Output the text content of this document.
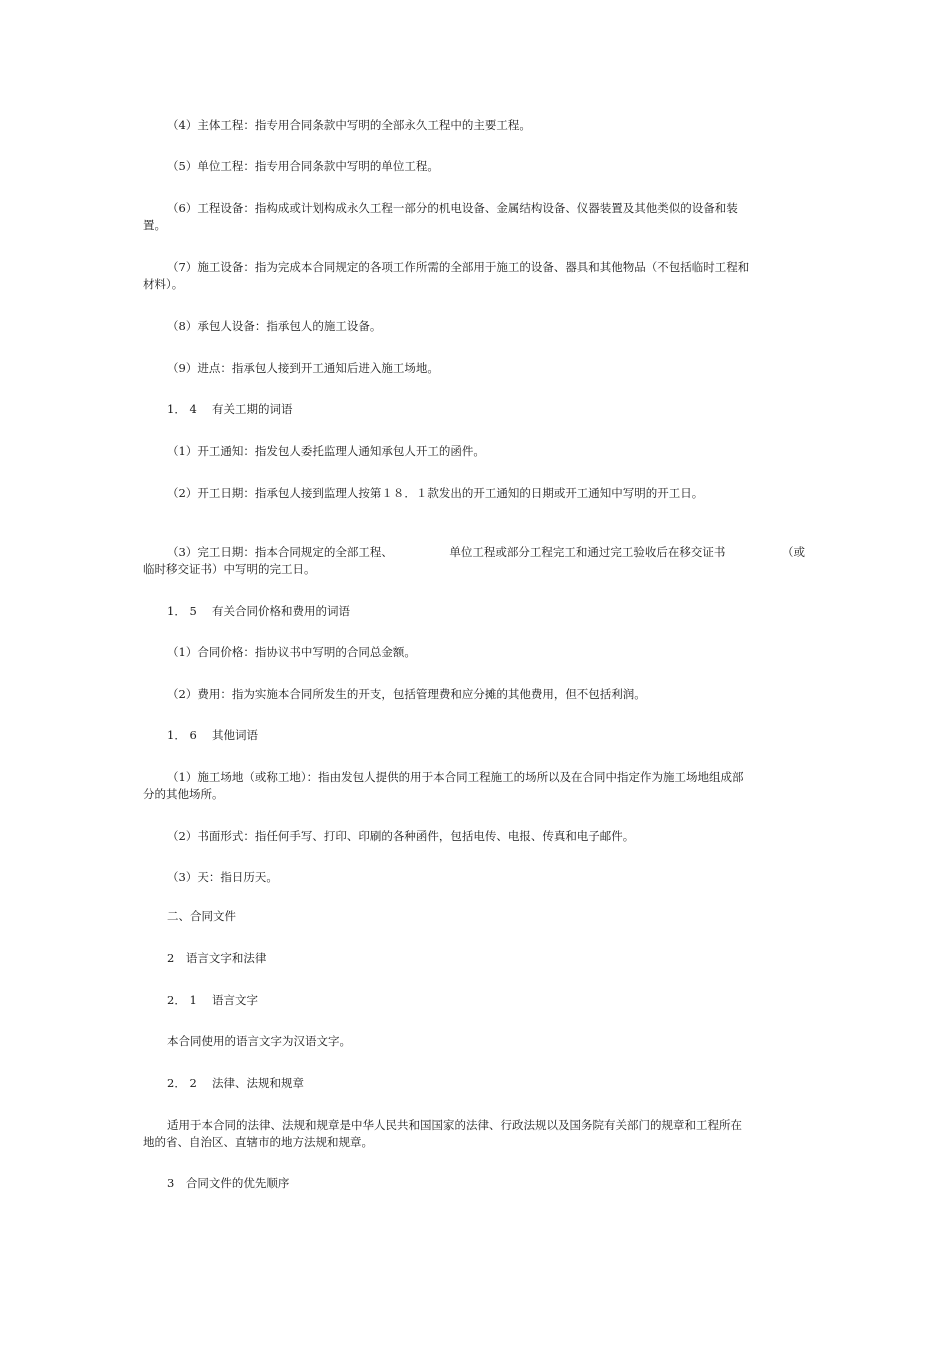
（4）主体工程：指专用合同条款中写明的全部永久工程中的主要工程。

（5）单位工程：指专用合同条款中写明的单位工程。

（6）工程设备：指构成或计划构成永久工程一部分的机电设备、金属结构设备、仪器装置及其他类似的设备和装置。

（7）施工设备：指为完成本合同规定的各项工作所需的全部用于施工的设备、器具和其他物品（不包括临时工程和材料）。

（8）承包人设备：指承包人的施工设备。

（9）进点：指承包人接到开工通知后进入施工场地。

1． 4　 有关工期的词语

（1）开工通知：指发包人委托监理人通知承包人开工的函件。

（2）开工日期：指承包人接到监理人按第１８．１款发出的开工通知的日期或开工通知中写明的开工日。

（3）完工日期：指本合同规定的全部工程、	单位工程或部分工程完工和通过完工验收后在移交证书	（或

临时移交证书）中写明的完工日。

1． 5　 有关合同价格和费用的词语

（1）合同价格：指协议书中写明的合同总金额。

（2）费用：指为实施本合同所发生的开支，包括管理费和应分摊的其他费用，但不包括利润。

1． 6　 其他词语

（1）施工场地（或称工地）：指由发包人提供的用于本合同工程施工的场所以及在合同中指定作为施工场地组成部分的其他场所。

（2）书面形式：指任何手写、打印、印刷的各种函件，包括电传、电报、传真和电子邮件。

（3）天：指日历天。

二、合同文件

2　语言文字和法律

2． 1　 语言文字

本合同使用的语言文字为汉语文字。

2． 2　 法律、法规和规章

适用于本合同的法律、法规和规章是中华人民共和国国家的法律、行政法规以及国务院有关部门的规章和工程所在地的省、自治区、直辖市的地方法规和规章。

3　合同文件的优先顺序
